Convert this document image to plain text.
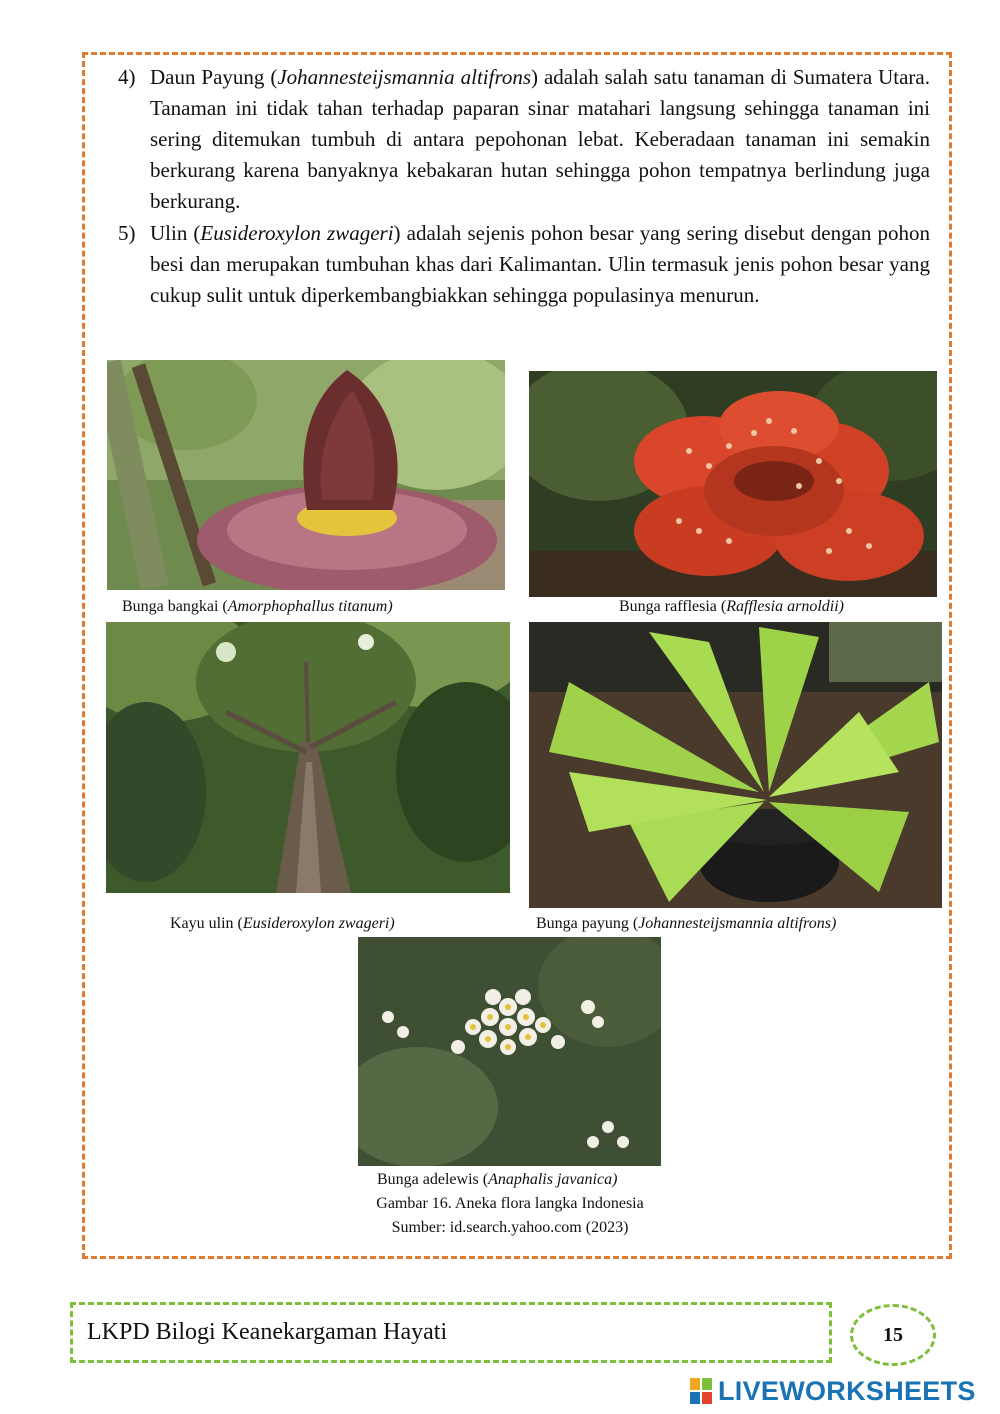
4) Daun Payung (Johannesteijsmannia altifrons) adalah salah satu tanaman di Sumatera Utara. Tanaman ini tidak tahan terhadap paparan sinar matahari langsung sehingga tanaman ini sering ditemukan tumbuh di antara pepohonan lebat. Keberadaan tanaman ini semakin berkurang karena banyaknya kebakaran hutan sehingga pohon tempatnya berlindung juga berkurang.
5) Ulin (Eusideroxylon zwageri) adalah sejenis pohon besar yang sering disebut dengan pohon besi dan merupakan tumbuhan khas dari Kalimantan. Ulin termasuk jenis pohon besar yang cukup sulit untuk diperkembangbiakkan sehingga populasinya menurun.
Bunga bangkai (Amorphophallus titanum)	Bunga rafflesia (Rafflesia arnoldii)
Kayu ulin (Eusideroxylon zwageri)	Bunga payung (Johannesteijsmannia altifrons)
Bunga adelewis (Anaphalis javanica)
Gambar 16. Aneka flora langka Indonesia
Sumber: id.search.yahoo.com (2023)
LKPD Bilogi Keanekargaman Hayati	15
LIVEWORKSHEETS
